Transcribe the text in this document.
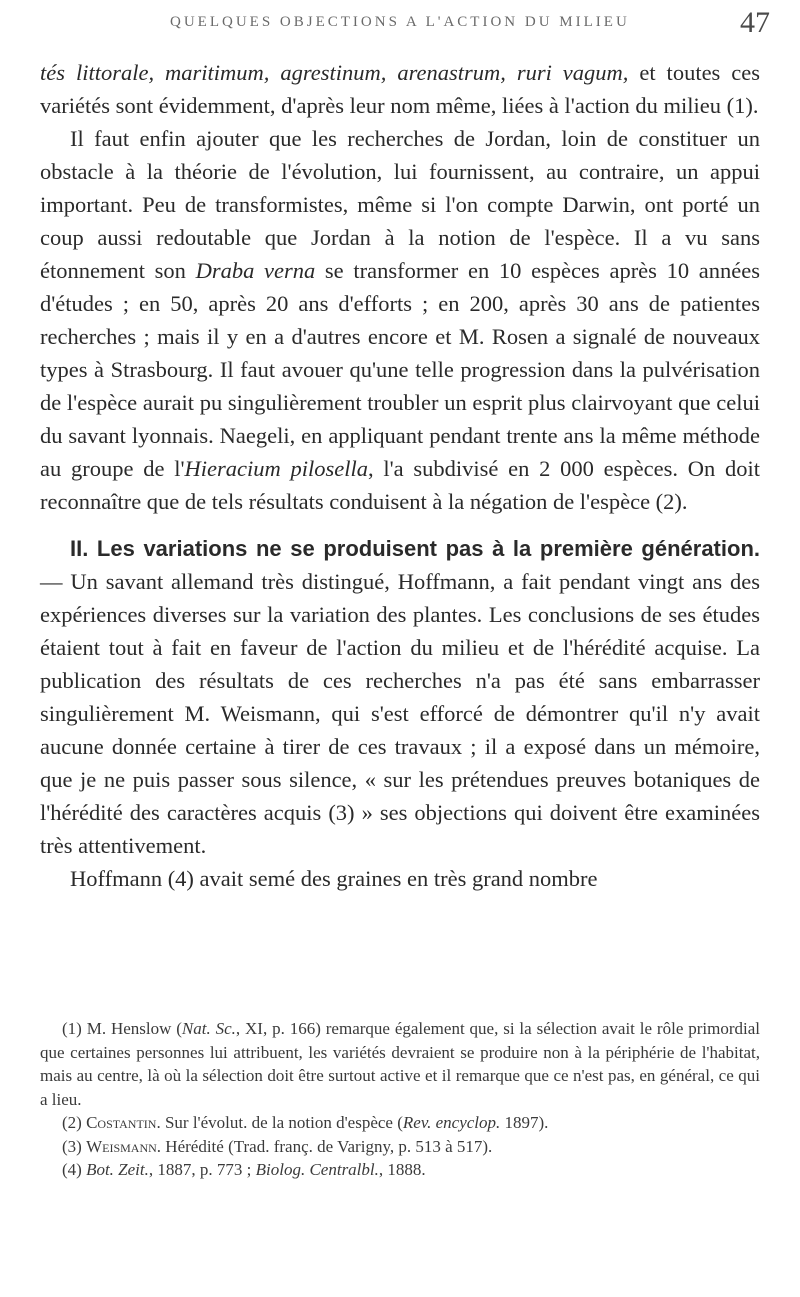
QUELQUES OBJECTIONS A L'ACTION DU MILIEU	47

tés littorale, maritimum, agrestinum, arenastrum, ruri vagum, et toutes ces variétés sont évidemment, d'après leur nom même, liées à l'action du milieu (1).

Il faut enfin ajouter que les recherches de Jordan, loin de constituer un obstacle à la théorie de l'évolution, lui fournissent, au contraire, un appui important. Peu de transformistes, même si l'on compte Darwin, ont porté un coup aussi redoutable que Jordan à la notion de l'espèce. Il a vu sans étonnement son Draba verna se transformer en 10 espèces après 10 années d'études ; en 50, après 20 ans d'efforts ; en 200, après 30 ans de patientes recherches ; mais il y en a d'autres encore et M. Rosen a signalé de nouveaux types à Strasbourg. Il faut avouer qu'une telle progression dans la pulvérisation de l'espèce aurait pu singulièrement troubler un esprit plus clairvoyant que celui du savant lyonnais. Naegeli, en appliquant pendant trente ans la même méthode au groupe de l'Hieracium pilosella, l'a subdivisé en 2 000 espèces. On doit reconnaître que de tels résultats conduisent à la négation de l'espèce (2).

II. Les variations ne se produisent pas à la première génération. — Un savant allemand très distingué, Hoffmann, a fait pendant vingt ans des expériences diverses sur la variation des plantes. Les conclusions de ses études étaient tout à fait en faveur de l'action du milieu et de l'hérédité acquise. La publication des résultats de ces recherches n'a pas été sans embarrasser singulièrement M. Weismann, qui s'est efforcé de démontrer qu'il n'y avait aucune donnée certaine à tirer de ces travaux ; il a exposé dans un mémoire, que je ne puis passer sous silence, « sur les prétendues preuves botaniques de l'hérédité des caractères acquis (3) » ses objections qui doivent être examinées très attentivement.

Hoffmann (4) avait semé des graines en très grand nombre

(1) M. Henslow (Nat. Sc., XI, p. 166) remarque également que, si la sélection avait le rôle primordial que certaines personnes lui attribuent, les variétés devraient se produire non à la périphérie de l'habitat, mais au centre, là où la sélection doit être surtout active et il remarque que ce n'est pas, en général, ce qui a lieu.

(2) Costantin. Sur l'évolut. de la notion d'espèce (Rev. encyclop. 1897).

(3) Weismann. Hérédité (Trad. franç. de Varigny, p. 513 à 517).

(4) Bot. Zeit., 1887, p. 773 ; Biolog. Centralbl., 1888.
